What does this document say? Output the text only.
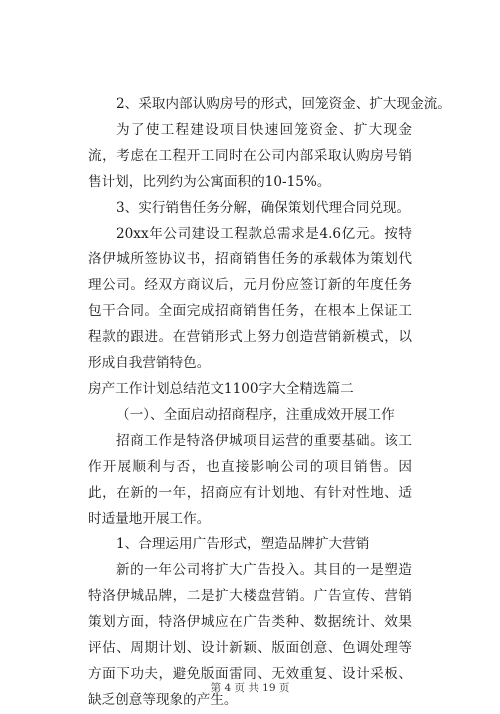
2、采取内部认购房号的形式，回笼资金、扩大现金流。

为了使工程建设项目快速回笼资金、扩大现金流，考虑在工程开工同时在公司内部采取认购房号销售计划，比列约为公寓面积的10-15%。

3、实行销售任务分解，确保策划代理合同兑现。

20xx年公司建设工程款总需求是4.6亿元。按特洛伊城所签协议书，招商销售任务的承载体为策划代理公司。经双方商议后，元月份应签订新的年度任务包干合同。全面完成招商销售任务，在根本上保证工程款的跟进。在营销形式上努力创造营销新模式，以形成自我营销特色。

房产工作计划总结范文1100字大全精选篇二

（一）、全面启动招商程序，注重成效开展工作

招商工作是特洛伊城项目运营的重要基础。该工作开展顺利与否，也直接影响公司的项目销售。因此，在新的一年，招商应有计划地、有针对性地、适时适量地开展工作。

1、合理运用广告形式，塑造品牌扩大营销

新的一年公司将扩大广告投入。其目的一是塑造特洛伊城品牌，二是扩大楼盘营销。广告宣传、营销策划方面，特洛伊城应在广告类种、数据统计、效果评估、周期计划、设计新颖、版面创意、色调处理等方面下功夫，避免版面雷同、无效重复、设计采板、缺乏创意等现象的产生。

第 4 页 共 19 页
